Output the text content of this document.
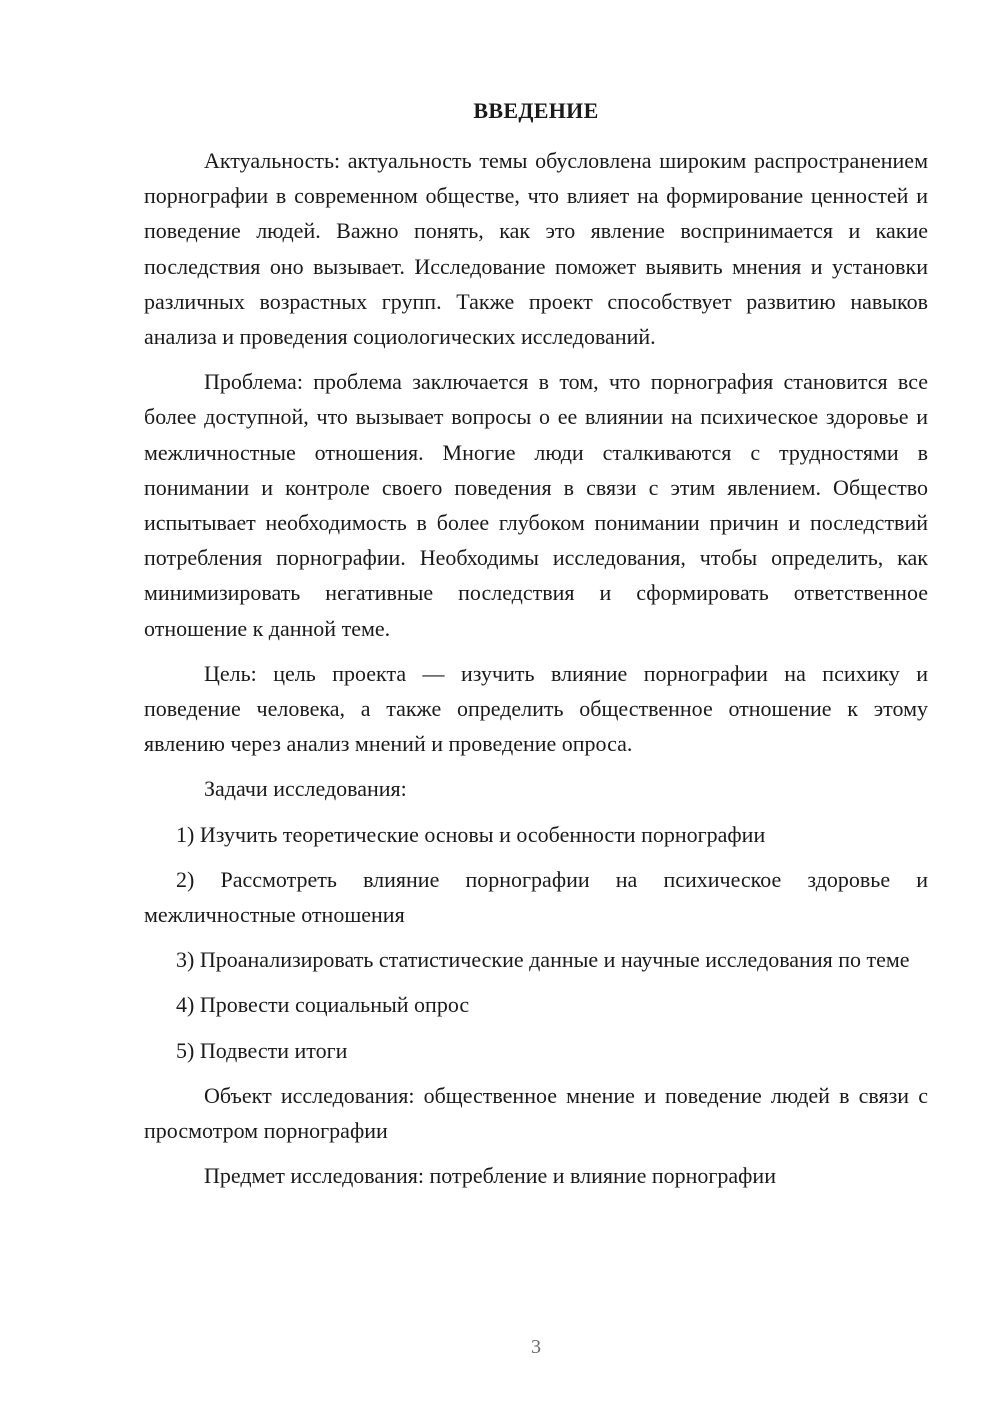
ВВЕДЕНИЕ

Актуальность: актуальность темы обусловлена широким распространением порнографии в современном обществе, что влияет на формирование ценностей и поведение людей. Важно понять, как это явление воспринимается и какие последствия оно вызывает. Исследование поможет выявить мнения и установки различных возрастных групп. Также проект способствует развитию навыков анализа и проведения социологических исследований.

Проблема: проблема заключается в том, что порнография становится все более доступной, что вызывает вопросы о ее влиянии на психическое здоровье и межличностные отношения. Многие люди сталкиваются с трудностями в понимании и контроле своего поведения в связи с этим явлением. Общество испытывает необходимость в более глубоком понимании причин и последствий потребления порнографии. Необходимы исследования, чтобы определить, как минимизировать негативные последствия и сформировать ответственное отношение к данной теме.

Цель: цель проекта — изучить влияние порнографии на психику и поведение человека, а также определить общественное отношение к этому явлению через анализ мнений и проведение опроса.

Задачи исследования:

1) Изучить теоретические основы и особенности порнографии

2) Рассмотреть влияние порнографии на психическое здоровье и межличностные отношения

3) Проанализировать статистические данные и научные исследования по теме

4) Провести социальный опрос

5) Подвести итоги

Объект исследования: общественное мнение и поведение людей в связи с просмотром порнографии

Предмет исследования: потребление и влияние порнографии

3
